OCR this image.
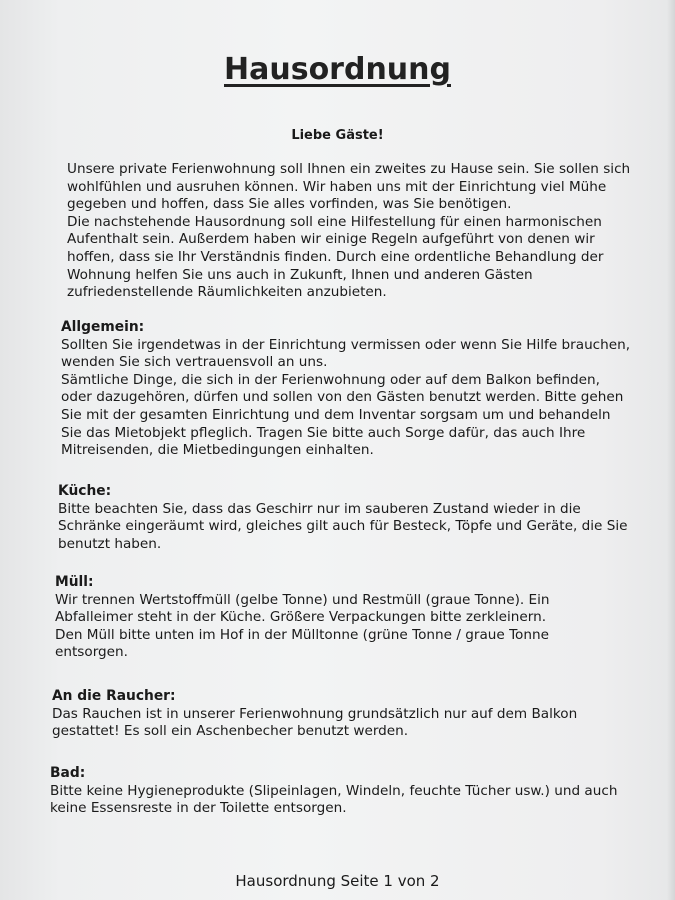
Hausordnung
Liebe Gäste!
Unsere private Ferienwohnung soll Ihnen ein zweites zu Hause sein. Sie sollen sich
wohlfühlen und ausruhen können. Wir haben uns mit der Einrichtung viel Mühe
gegeben und hoffen, dass Sie alles vorfinden, was Sie benötigen.
Die nachstehende Hausordnung soll eine Hilfestellung für einen harmonischen
Aufenthalt sein. Außerdem haben wir einige Regeln aufgeführt von denen wir
hoffen, dass sie Ihr Verständnis finden. Durch eine ordentliche Behandlung der
Wohnung helfen Sie uns auch in Zukunft, Ihnen und anderen Gästen
zufriedenstellende Räumlichkeiten anzubieten.
Allgemein:
Sollten Sie irgendetwas in der Einrichtung vermissen oder wenn Sie Hilfe brauchen,
wenden Sie sich vertrauensvoll an uns.
Sämtliche Dinge, die sich in der Ferienwohnung oder auf dem Balkon befinden,
oder dazugehören, dürfen und sollen von den Gästen benutzt werden. Bitte gehen
Sie mit der gesamten Einrichtung und dem Inventar sorgsam um und behandeln
Sie das Mietobjekt pfleglich. Tragen Sie bitte auch Sorge dafür, das auch Ihre
Mitreisenden, die Mietbedingungen einhalten.
Küche:
Bitte beachten Sie, dass das Geschirr nur im sauberen Zustand wieder in die
Schränke eingeräumt wird, gleiches gilt auch für Besteck, Töpfe und Geräte, die Sie
benutzt haben.
Müll:
Wir trennen Wertstoffmüll (gelbe Tonne) und Restmüll (graue Tonne). Ein
Abfalleimer steht in der Küche. Größere Verpackungen bitte zerkleinern.
Den Müll bitte unten im Hof in der Mülltonne (grüne Tonne / graue Tonne
entsorgen.
An die Raucher:
Das Rauchen ist in unserer Ferienwohnung grundsätzlich nur auf dem Balkon
gestattet! Es soll ein Aschenbecher benutzt werden.
Bad:
Bitte keine Hygieneprodukte (Slipeinlagen, Windeln, feuchte Tücher usw.) und auch
keine Essensreste in der Toilette entsorgen.
Hausordnung Seite 1 von 2
